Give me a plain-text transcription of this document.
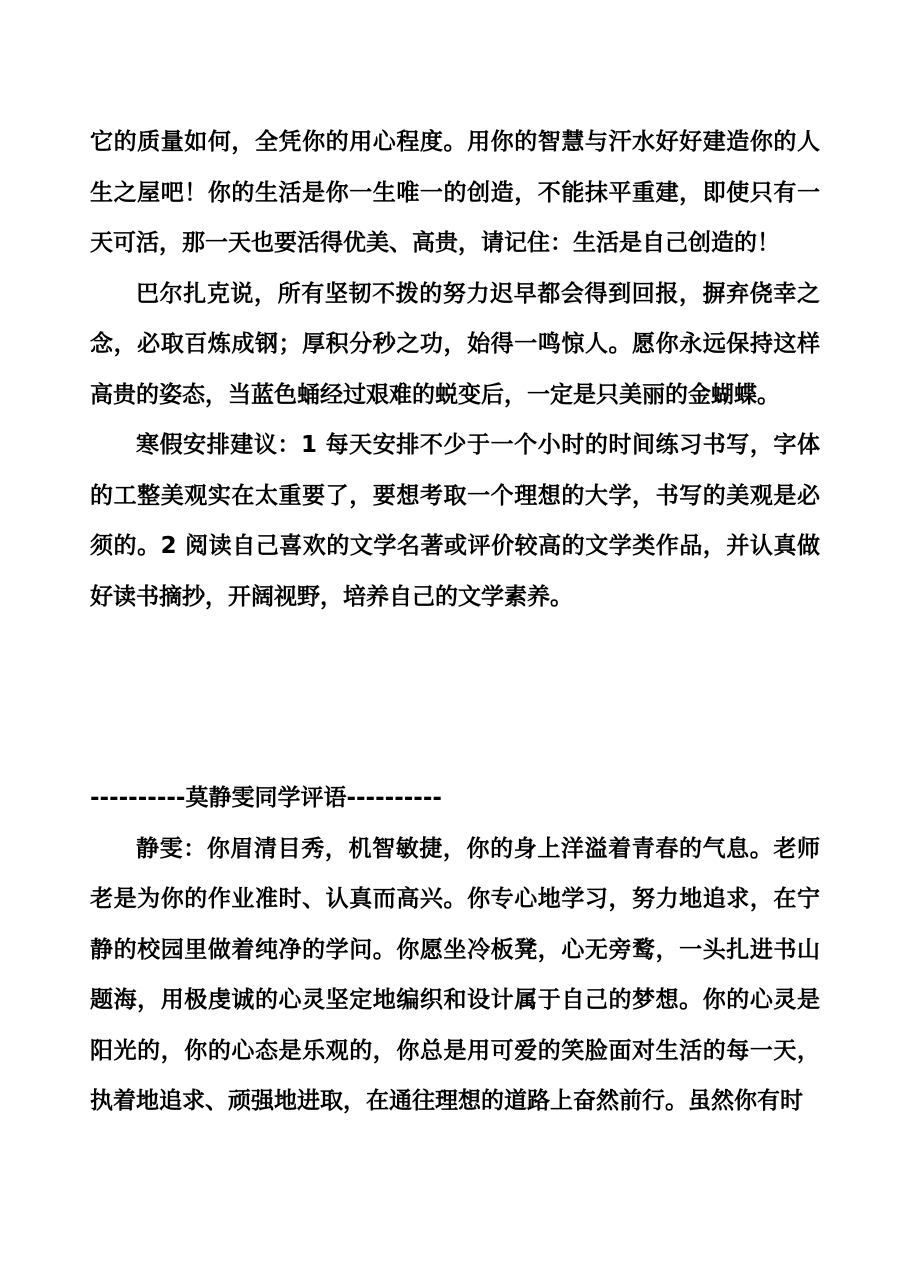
它的质量如何，全凭你的用心程度。用你的智慧与汗水好好建造你的人生之屋吧！你的生活是你一生唯一的创造，不能抹平重建，即使只有一天可活，那一天也要活得优美、高贵，请记住：生活是自己创造的！

巴尔扎克说，所有坚韧不拨的努力迟早都会得到回报，摒弃侥幸之念，必取百炼成钢；厚积分秒之功，始得一鸣惊人。愿你永远保持这样高贵的姿态，当蓝色蛹经过艰难的蜕变后，一定是只美丽的金蝴蝶。

寒假安排建议：1 每天安排不少于一个小时的时间练习书写，字体的工整美观实在太重要了，要想考取一个理想的大学，书写的美观是必须的。2 阅读自己喜欢的文学名著或评价较高的文学类作品，并认真做好读书摘抄，开阔视野，培养自己的文学素养。

----------莫静雯同学评语----------

静雯：你眉清目秀，机智敏捷，你的身上洋溢着青春的气息。老师老是为你的作业准时、认真而高兴。你专心地学习，努力地追求，在宁静的校园里做着纯净的学问。你愿坐冷板凳，心无旁鹜，一头扎进书山题海，用极虔诚的心灵坚定地编织和设计属于自己的梦想。你的心灵是阳光的，你的心态是乐观的，你总是用可爱的笑脸面对生活的每一天，执着地追求、顽强地进取，在通往理想的道路上奋然前行。虽然你有时
